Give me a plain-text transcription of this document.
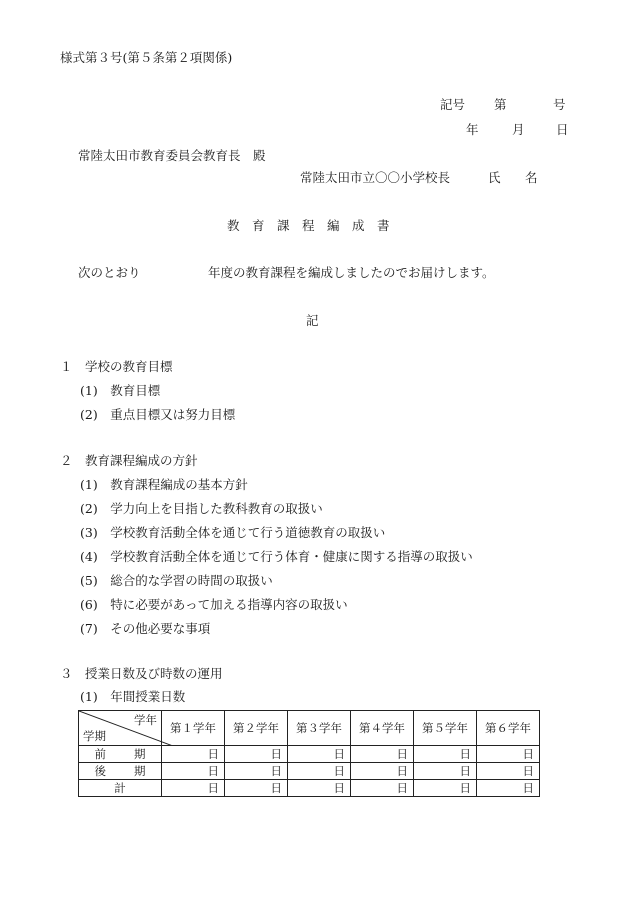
様式第３号(第５条第２項関係)
記号 第	号
年	月	日
常陸太田市教育委員会教育長　殿
常陸太田市立〇〇小学校長	氏 名
教育課程編成書
次のとおり	年度の教育課程を編成しましたのでお届けします。
記
１　学校の教育目標
(1)　教育目標
(2)　重点目標又は努力目標
２　教育課程編成の方針
(1)　教育課程編成の基本方針
(2)　学力向上を目指した教科教育の取扱い
(3)　学校教育活動全体を通じて行う道徳教育の取扱い
(4)　学校教育活動全体を通じて行う体育・健康に関する指導の取扱い
(5)　総合的な学習の時間の取扱い
(6)　特に必要があって加える指導内容の取扱い
(7)　その他必要な事項
３　授業日数及び時数の運用
(1)　年間授業日数
学年
学期	第１学年	第２学年	第３学年	第４学年	第５学年	第６学年
前 期	日	日	日	日	日	日
後 期	日	日	日	日	日	日
計	日	日	日	日	日	日
